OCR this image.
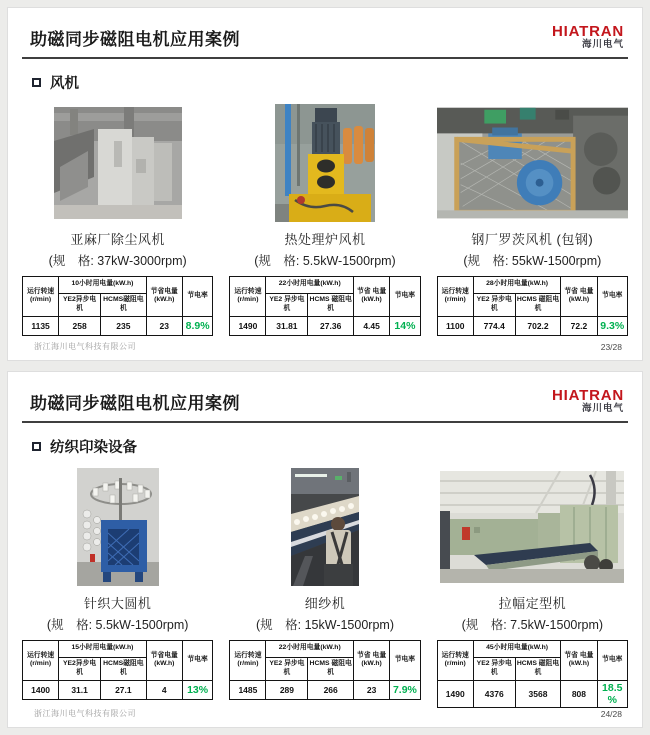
助磁同步磁阻电机应用案例	HIATRAN
海川电气
风机
亚麻厂除尘风机
(规　格: 37kW-3000rpm)
运行转速 (r/min)	10小时用电量(kW.h)		节省电量 (kW.h)	节电率
	YE2异步电机	HCMS磁阻电机		
1135	258	235	23	8.9%
热处理炉风机
(规　格: 5.5kW-1500rpm)
运行转速 (r/min)	22小时用电量(kW.h)		节省 电量 (kW.h)	节电率
	YE2 异步电机	HCMS 磁阻电机		
1490	31.81	27.36	4.45	14%
钢厂罗茨风机 (包钢)
(规　格: 55kW-1500rpm)
运行转速 (r/min)	28小时用电量(kW.h)		节省 电量 (kW.h)	节电率
	YE2 异步电机	HCMS 磁阻电机		
1100	774.4	702.2	72.2	9.3%
浙江海川电气科技有限公司	23/28
助磁同步磁阻电机应用案例	HIATRAN
海川电气
纺织印染设备
针织大圆机
(规　格: 5.5kW-1500rpm)
运行转速 (r/min)	15小时用电量(kW.h)		节省电量 (kW.h)	节电率
	YE2异步电机	HCMS磁阻电机		
1400	31.1	27.1	4	13%
细纱机
(规　格: 15kW-1500rpm)
运行转速 (r/min)	22小时用电量(kW.h)		节省 电量 (kW.h)	节电率
	YE2 异步电机	HCMS 磁阻电机		
1485	289	266	23	7.9%
拉幅定型机
(规　格: 7.5kW-1500rpm)
运行转速 (r/min)	45小时用电量(kW.h)		节省 电量 (kW.h)	节电率
	YE2 异步电机	HCMS 磁阻电机		
1490	4376	3568	808	18.5%
浙江海川电气科技有限公司	24/28
